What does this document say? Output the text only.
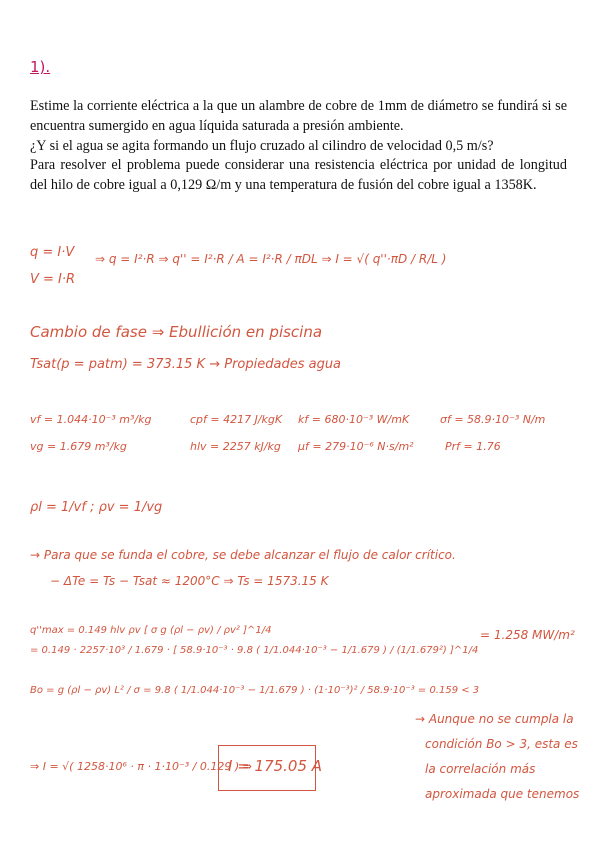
1).

Estime la corriente eléctrica a la que un alambre de cobre de 1mm de diámetro se fundirá si se encuentra sumergido en agua líquida saturada a presión ambiente.

¿Y si el agua se agita formando un flujo cruzado al cilindro de velocidad 0,5 m/s?

Para resolver el problema puede considerar una resistencia eléctrica por unidad de longitud del hilo de cobre igual a 0,129 Ω/m y una temperatura de fusión del cobre igual a 1358K.

q = I·V
V = I·R
⇒ q = I²·R ⇒ q'' = I²·R / A = I²·R / πDL ⇒ I = √( q''·πD / R/L )
Cambio de fase ⇒ Ebullición en piscina
Tsat(p = patm) = 373.15 K → Propiedades agua
vf = 1.044·10⁻³ m³/kg	cpf = 4217 J/kgK kf = 680·10⁻³ W/mK	σf = 58.9·10⁻³ N/m
vg = 1.679 m³/kg	hlv = 2257 kJ/kg μf = 279·10⁻⁶ N·s/m²	Prf = 1.76
ρl = 1/vf ; ρv = 1/vg
→ Para que se funda el cobre, se debe alcanzar el flujo de calor crítico.
− ΔTe = Ts − Tsat ≈ 1200°C ⇒ Ts = 1573.15 K
q''max = 0.149 hlv ρv [ σ g (ρl − ρv) / ρv² ]^1/4
= 0.149 · 2257·10³ / 1.679 · [ 58.9·10⁻³ · 9.8 ( 1/1.044·10⁻³ − 1/1.679 ) / (1/1.679²) ]^1/4
= 1.258 MW/m²
Bo = g (ρl − ρv) L² / σ = 9.8 ( 1/1.044·10⁻³ − 1/1.679 ) · (1·10⁻³)² / 58.9·10⁻³ = 0.159 < 3
→ Aunque no se cumpla la
condición Bo > 3, esta es
la correlación más
aproximada que tenemos
⇒ I = √( 1258·10⁶ · π · 1·10⁻³ / 0.129 ) ⇒
I = 175.05 A
